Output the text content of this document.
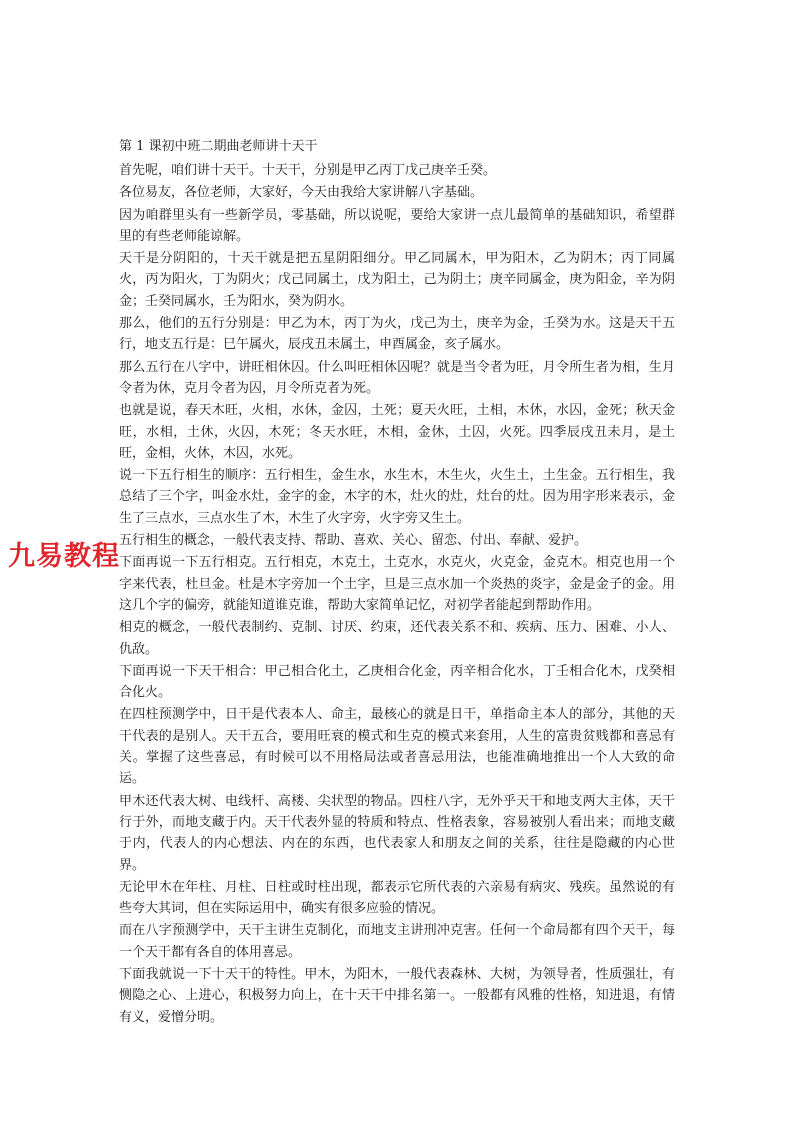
第 1 课初中班二期曲老师讲十天干

首先呢，咱们讲十天干。十天干，分别是甲乙丙丁戊己庚辛壬癸。

各位易友，各位老师，大家好，今天由我给大家讲解八字基础。

因为咱群里头有一些新学员，零基础，所以说呢，要给大家讲一点儿最简单的基础知识，希望群里的有些老师能谅解。

天干是分阴阳的，十天干就是把五星阴阳细分。甲乙同属木，甲为阳木，乙为阴木；丙丁同属火，丙为阳火，丁为阴火；戊己同属土，戊为阳土，己为阴土；庚辛同属金，庚为阳金，辛为阴金；壬癸同属水，壬为阳水，癸为阴水。

那么，他们的五行分别是：甲乙为木，丙丁为火，戊己为土，庚辛为金，壬癸为水。这是天干五行，地支五行是：巳午属火，辰戌丑未属土，申酉属金，亥子属水。

那么五行在八字中，讲旺相休囚。什么叫旺相休囚呢？就是当令者为旺，月令所生者为相，生月令者为休，克月令者为囚，月令所克者为死。

也就是说，春天木旺，火相，水休，金囚，土死；夏天火旺，土相，木休，水囚，金死；秋天金旺，水相，土休，火囚，木死；冬天水旺，木相，金休，土囚，火死。四季辰戌丑未月，是土旺，金相，火休，木囚，水死。

说一下五行相生的顺序：五行相生，金生水，水生木，木生火，火生土，土生金。五行相生，我总结了三个字，叫金水灶，金字的金，木字的木，灶火的灶，灶台的灶。因为用字形来表示，金生了三点水，三点水生了木，木生了火字旁，火字旁又生土。

五行相生的概念，一般代表支持、帮助、喜欢、关心、留恋、付出、奉献、爱护。

下面再说一下五行相克。五行相克，木克土，土克水，水克火，火克金，金克木。相克也用一个字来代表，杜旦金。杜是木字旁加一个土字，旦是三点水加一个炎热的炎字，金是金子的金。用这几个字的偏旁，就能知道谁克谁，帮助大家简单记忆，对初学者能起到帮助作用。

相克的概念，一般代表制约、克制、讨厌、约束，还代表关系不和、疾病、压力、困难、小人、仇敌。

下面再说一下天干相合：甲己相合化土，乙庚相合化金，丙辛相合化水，丁壬相合化木，戊癸相合化火。

在四柱预测学中，日干是代表本人、命主，最核心的就是日干，单指命主本人的部分，其他的天干代表的是别人。天干五合，要用旺衰的模式和生克的模式来套用，人生的富贵贫贱都和喜忌有关。掌握了这些喜忌，有时候可以不用格局法或者喜忌用法，也能准确地推出一个人大致的命运。

甲木还代表大树、电线杆、高楼、尖状型的物品。四柱八字，无外乎天干和地支两大主体，天干行于外，而地支藏于内。天干代表外显的特质和特点、性格表象，容易被别人看出来；而地支藏于内，代表人的内心想法、内在的东西，也代表家人和朋友之间的关系，往往是隐藏的内心世界。

无论甲木在年柱、月柱、日柱或时柱出现，都表示它所代表的六亲易有病灾、残疾。虽然说的有些夸大其词，但在实际运用中，确实有很多应验的情况。

而在八字预测学中，天干主讲生克制化，而地支主讲刑冲克害。任何一个命局都有四个天干，每一个天干都有各自的体用喜忌。

下面我就说一下十天干的特性。甲木，为阳木，一般代表森林、大树，为领导者，性质强壮，有恻隐之心、上进心，积极努力向上，在十天干中排名第一。一般都有风雅的性格，知进退，有情有义，爱憎分明。

九易教程
